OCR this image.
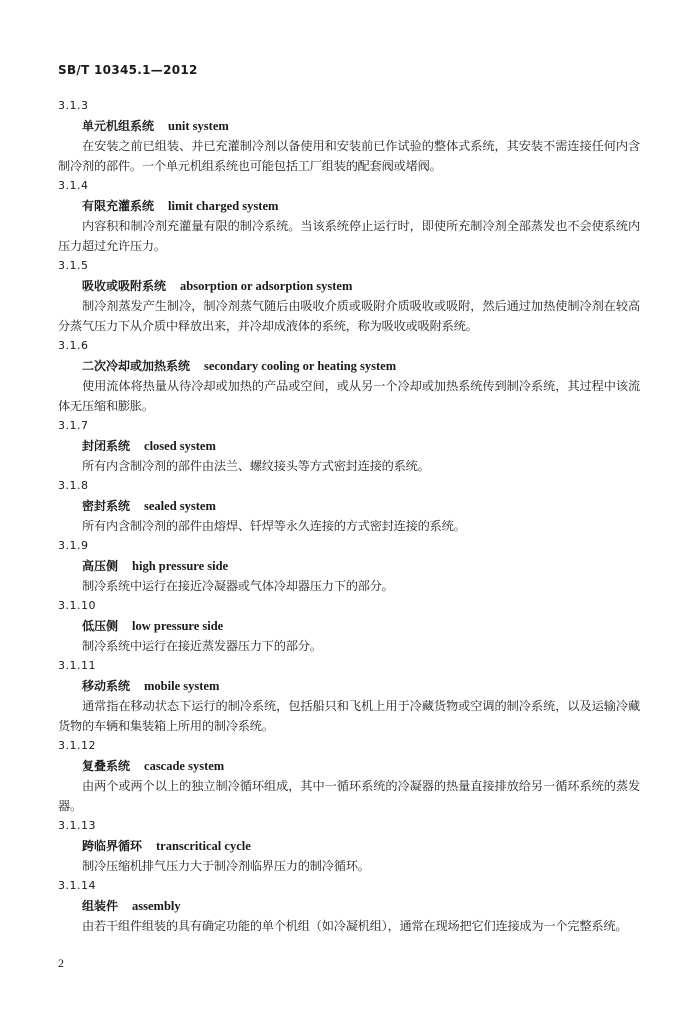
SB/T 10345.1—2012
3.1.3
单元机组系统 unit system

在安装之前已组装、并已充灌制冷剂以备使用和安装前已作试验的整体式系统，其安装不需连接任何内含制冷剂的部件。一个单元机组系统也可能包括工厂组装的配套阀或堵阀。

3.1.4
有限充灌系统 limit charged system

内容积和制冷剂充灌量有限的制冷系统。当该系统停止运行时，即使所充制冷剂全部蒸发也不会使系统内压力超过允许压力。

3.1.5
吸收或吸附系统 absorption or adsorption system

制冷剂蒸发产生制冷，制冷剂蒸气随后由吸收介质或吸附介质吸收或吸附，然后通过加热使制冷剂在较高分蒸气压力下从介质中释放出来，并冷却成液体的系统，称为吸收或吸附系统。

3.1.6
二次冷却或加热系统 secondary cooling or heating system

使用流体将热量从待冷却或加热的产品或空间，或从另一个冷却或加热系统传到制冷系统，其过程中该流体无压缩和膨胀。

3.1.7
封闭系统 closed system

所有内含制冷剂的部件由法兰、螺纹接头等方式密封连接的系统。

3.1.8
密封系统 sealed system

所有内含制冷剂的部件由熔焊、钎焊等永久连接的方式密封连接的系统。

3.1.9
高压侧 high pressure side

制冷系统中运行在接近冷凝器或气体冷却器压力下的部分。

3.1.10
低压侧 low pressure side

制冷系统中运行在接近蒸发器压力下的部分。

3.1.11
移动系统 mobile system

通常指在移动状态下运行的制冷系统，包括船只和飞机上用于冷藏货物或空调的制冷系统，以及运输冷藏货物的车辆和集装箱上所用的制冷系统。

3.1.12
复叠系统 cascade system

由两个或两个以上的独立制冷循环组成，其中一循环系统的冷凝器的热量直接排放给另一循环系统的蒸发器。

3.1.13
跨临界循环 transcritical cycle

制冷压缩机排气压力大于制冷剂临界压力的制冷循环。

3.1.14
组装件 assembly

由若干组件组装的具有确定功能的单个机组（如冷凝机组），通常在现场把它们连接成为一个完整系统。

2
